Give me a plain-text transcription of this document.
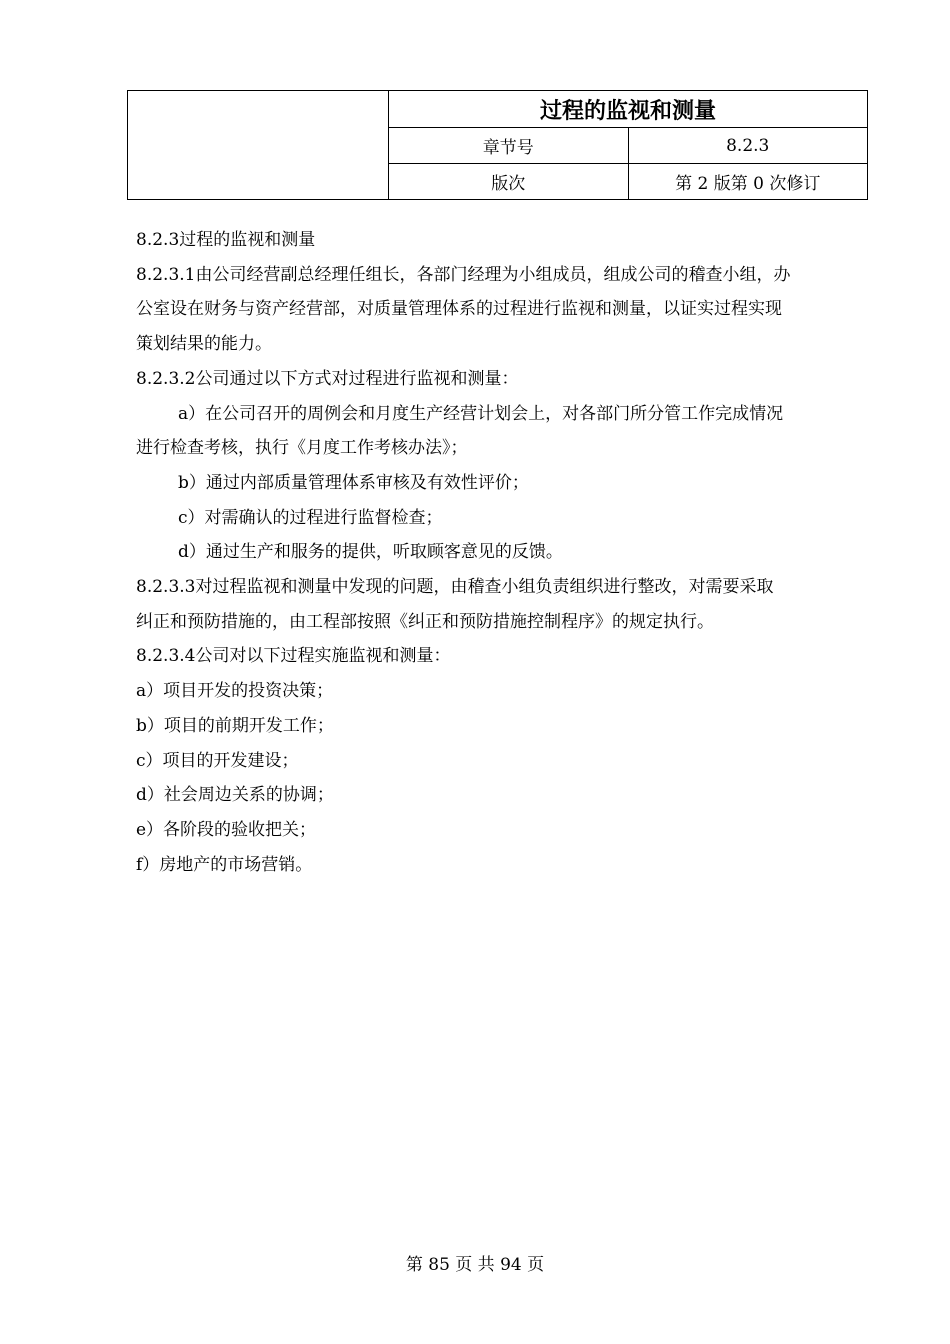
	过程的监视和测量	
	章节号	8.2.3
	版次	第 2 版第 0 次修订

8.2.3过程的监视和测量

8.2.3.1由公司经营副总经理任组长，各部门经理为小组成员，组成公司的稽查小组，办

公室设在财务与资产经营部，对质量管理体系的过程进行监视和测量，以证实过程实现

策划结果的能力。

8.2.3.2公司通过以下方式对过程进行监视和测量：

a）在公司召开的周例会和月度生产经营计划会上，对各部门所分管工作完成情况

进行检查考核，执行《月度工作考核办法》；

b）通过内部质量管理体系审核及有效性评价；

c）对需确认的过程进行监督检查；

d）通过生产和服务的提供，听取顾客意见的反馈。

8.2.3.3对过程监视和测量中发现的问题，由稽查小组负责组织进行整改，对需要采取

纠正和预防措施的，由工程部按照《纠正和预防措施控制程序》的规定执行。

8.2.3.4公司对以下过程实施监视和测量：

a）项目开发的投资决策；

b）项目的前期开发工作；

c）项目的开发建设；

d）社会周边关系的协调；

e）各阶段的验收把关；

f）房地产的市场营销。

第 85 页 共 94 页
